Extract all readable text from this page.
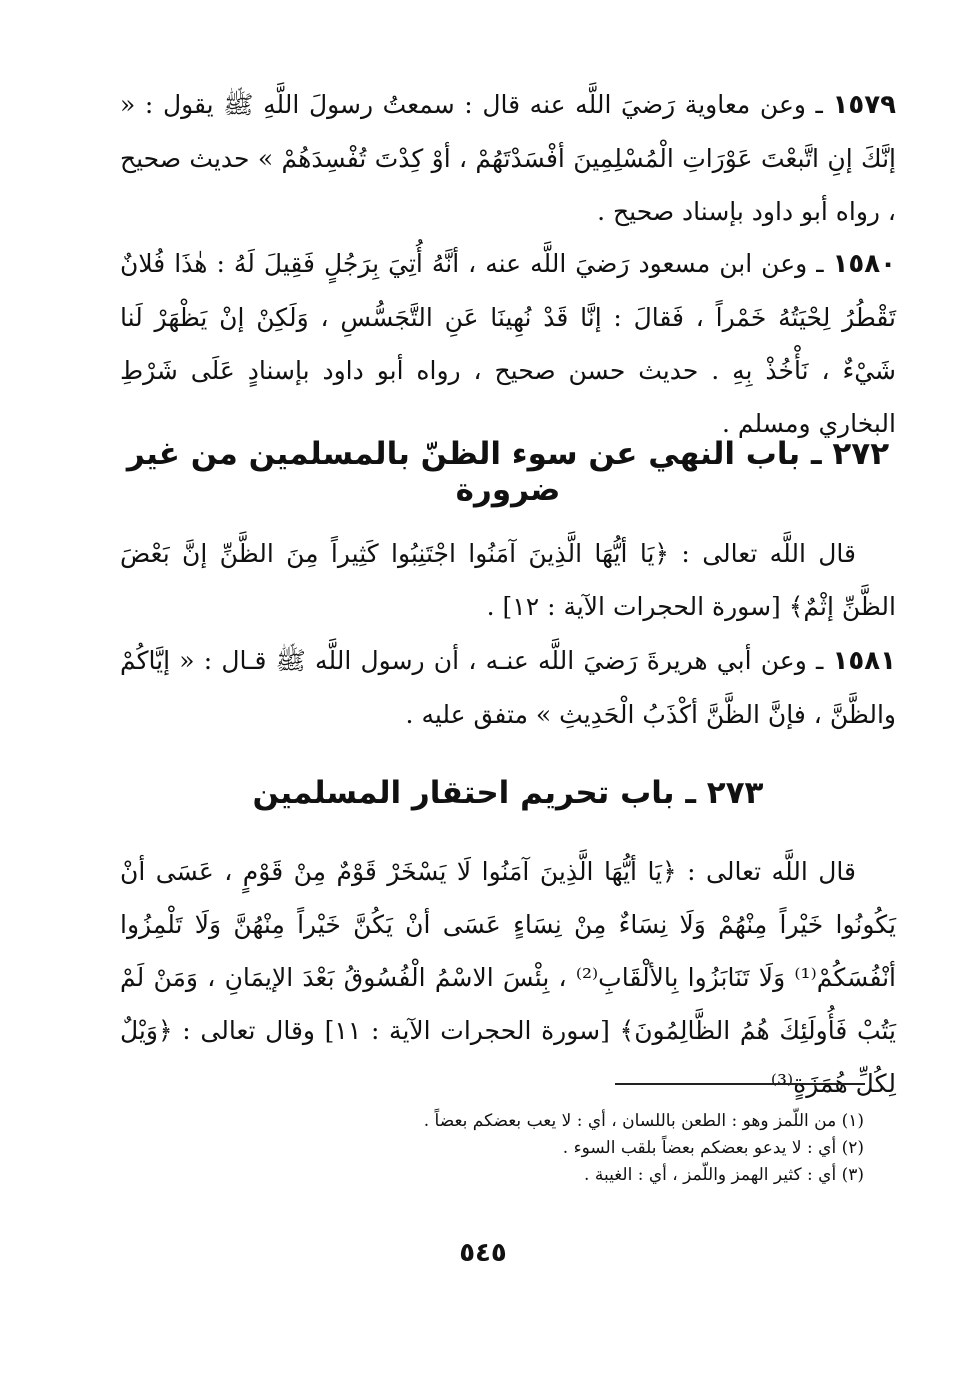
١٥٧٩ ـ وعن معاوية رَضيَ اللَّه عنه قال : سمعتُ رسولَ اللَّهِ ﷺ يقول : « إنَّكَ إنِ اتَّبعْتَ عَوْرَاتِ الْمُسْلِمِينَ أفْسَدْتَهُمْ ، أوْ كِدْتَ تُفْسِدَهُمْ » حديث صحيح ، رواه أبو داود بإسناد صحيح .

١٥٨٠ ـ وعن ابن مسعود رَضيَ اللَّه عنه ، أنَّهُ أُتِيَ بِرَجُلٍ فَقِيلَ لَهُ : هٰذَا فُلانٌ تَقْطُرُ لِحْيَتُهُ خَمْراً ، فَقالَ : إنَّا قَدْ نُهِينَا عَنِ التَّجَسُّسِ ، وَلَكِنْ إنْ يَظْهَرْ لَنا شَيْءٌ ، نَأْخُذْ بِهِ . حديث حسن صحيح ، رواه أبو داود بإسنادٍ عَلَى شَرْطِ البخاري ومسلم .

٢٧٢ ـ باب النهي عن سوء الظنّ بالمسلمين من غير ضرورة

قال اللَّه تعالى : ﴿يَا أيُّهَا الَّذِينَ آمَنُوا اجْتَنِبُوا كَثِيراً مِنَ الظَّنِّ إنَّ بَعْضَ الظَّنِّ إثْمٌ﴾ [سورة الحجرات الآية : ١٢] .

١٥٨١ ـ وعن أبي هريرةَ رَضيَ اللَّه عنـه ، أن رسول اللَّه ﷺ قـال : « إيَّاكُمْ والظَّنَّ ، فإنَّ الظَّنَّ أكْذَبُ الْحَدِيثِ » متفق عليه .

٢٧٣ ـ باب تحريم احتقار المسلمين

قال اللَّه تعالى : ﴿يَا أيُّهَا الَّذِينَ آمَنُوا لَا يَسْخَرْ قَوْمٌ مِنْ قَوْمٍ ، عَسَى أنْ يَكُونُوا خَيْراً مِنْهُمْ وَلَا نِسَاءٌ مِنْ نِسَاءٍ عَسَى أنْ يَكُنَّ خَيْراً مِنْهُنَّ وَلَا تَلْمِزُوا أنْفُسَكُمْ⁽¹⁾ وَلَا تَنَابَزُوا بِالألْقَابِ⁽²⁾ ، بِئْسَ الاسْمُ الْفُسُوقُ بَعْدَ الإيمَانِ ، وَمَنْ لَمْ يَتُبْ فَأُولَئِكَ هُمُ الظَّالِمُونَ﴾ [سورة الحجرات الآية : ١١] وقال تعالى : ﴿وَيْلٌ لِكُلِّ هُمَزَةٍ⁽³⁾

(١) من اللّمز وهو : الطعن باللسان ، أي : لا يعب بعضكم بعضاً .

(٢) أي : لا يدعو بعضكم بعضاً بلقب السوء .

(٣) أي : كثير الهمز واللّمز ، أي : الغيبة .

٥٤٥
